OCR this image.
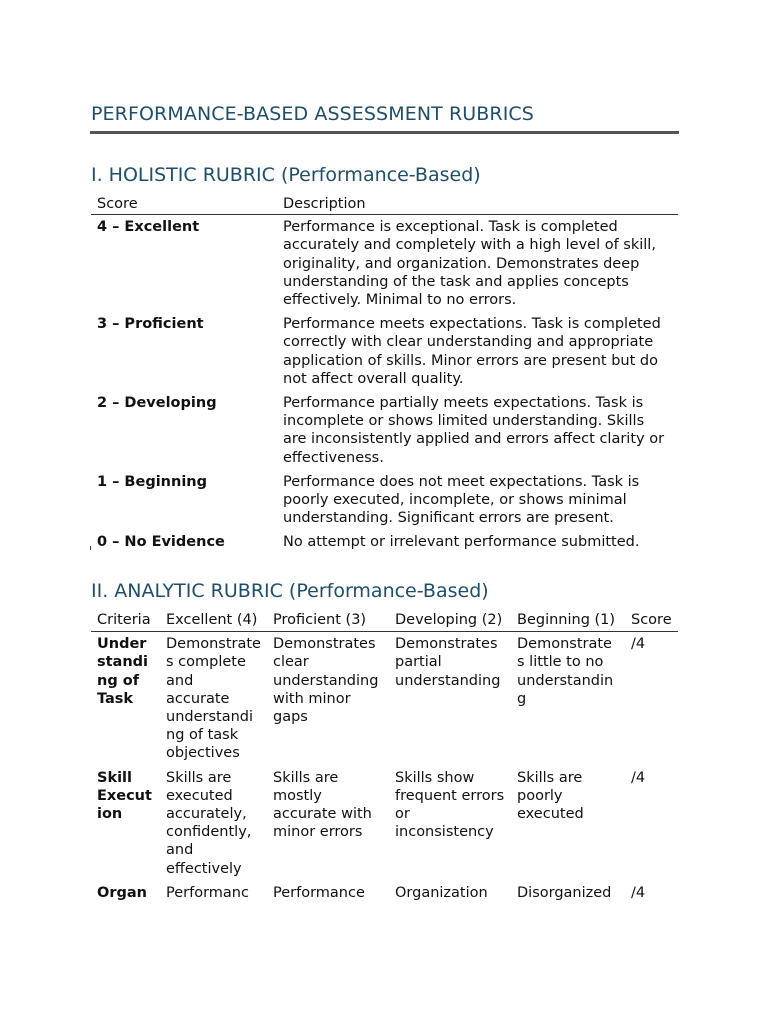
PERFORMANCE-BASED ASSESSMENT RUBRICS
I. HOLISTIC RUBRIC (Performance-Based)
Score	Description
4 – Excellent	Performance is exceptional. Task is completed accurately and completely with a high level of skill, originality, and organization. Demonstrates deep understanding of the task and applies concepts effectively. Minimal to no errors.
3 – Proficient	Performance meets expectations. Task is completed correctly with clear understanding and appropriate application of skills. Minor errors are present but do not affect overall quality.
2 – Developing	Performance partially meets expectations. Task is incomplete or shows limited understanding. Skills are inconsistently applied and errors affect clarity or effectiveness.
1 – Beginning	Performance does not meet expectations. Task is poorly executed, incomplete, or shows minimal understanding. Significant errors are present.
0 – No Evidence	No attempt or irrelevant performance submitted.
II. ANALYTIC RUBRIC (Performance-Based)
Criteria	Excellent (4)	Proficient (3)	Developing (2)	Beginning (1)	Score
Understanding of Task	Demonstrates complete and accurate understanding of task objectives	Demonstrates clear understanding with minor gaps	Demonstrates partial understanding	Demonstrates little to no understanding	/4
Skill Execution	Skills are executed accurately, confidently, and effectively	Skills are mostly accurate with minor errors	Skills show frequent errors or inconsistency	Skills are poorly executed	/4
Organ	Performanc	Performance	Organization	Disorganized	/4
